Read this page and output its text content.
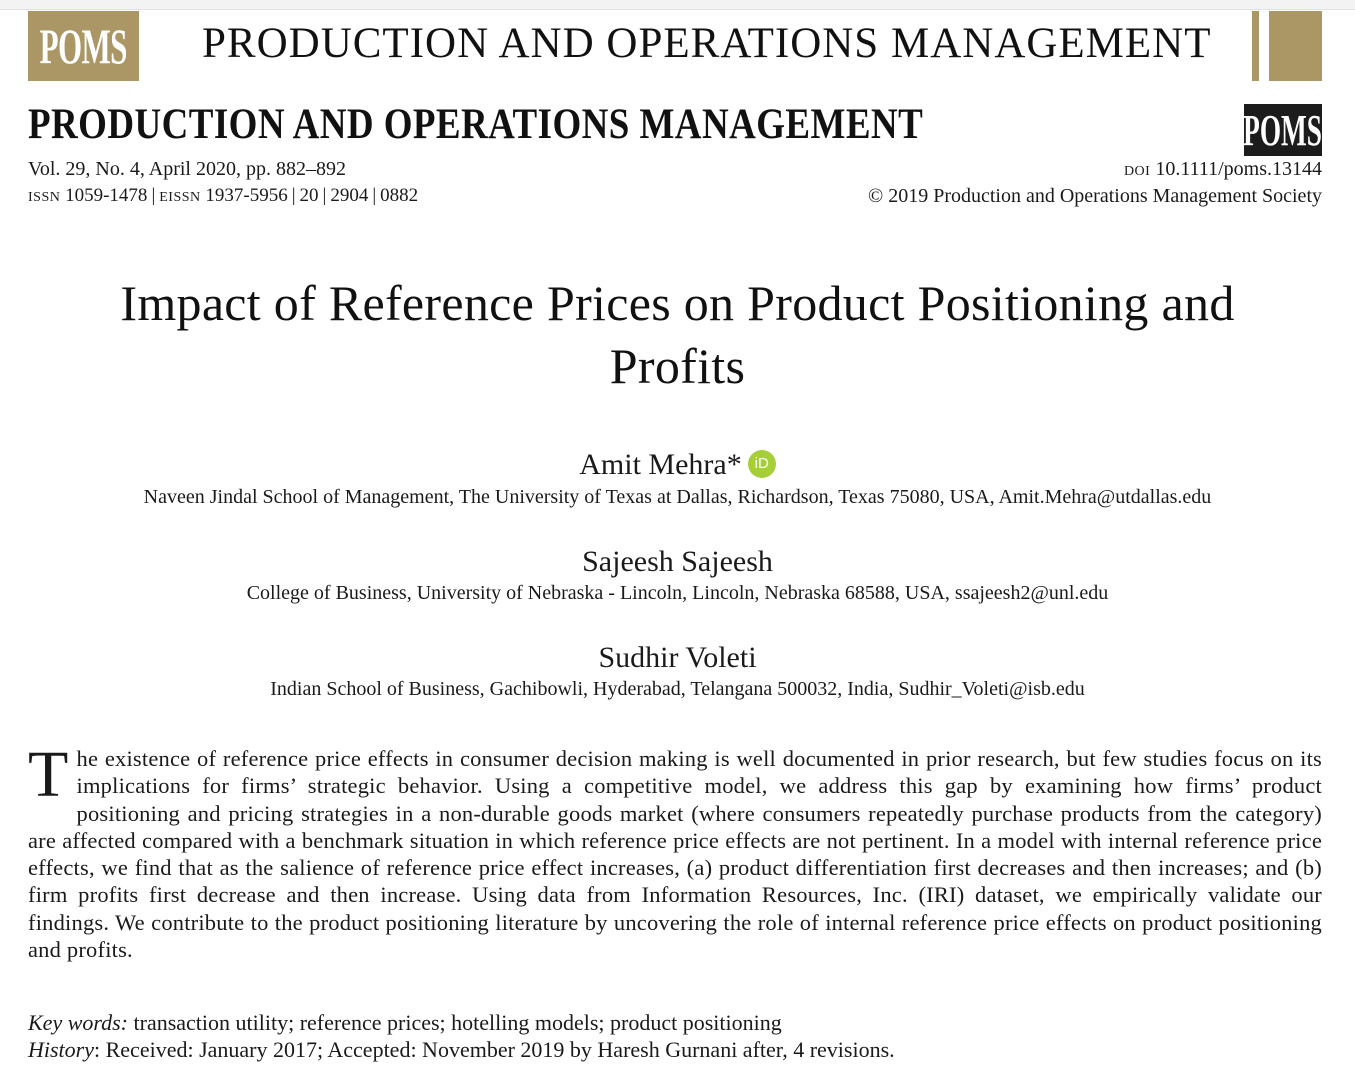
POMS PRODUCTION AND OPERATIONS MANAGEMENT
PRODUCTION AND OPERATIONS MANAGEMENT	POMS
Vol. 29, No. 4, April 2020, pp. 882–892
ISSN 1059-1478 | EISSN 1937-5956 | 20 | 2904 | 0882
DOI 10.1111/poms.13144
© 2019 Production and Operations Management Society
Impact of Reference Prices on Product Positioning and
Profits
Amit Mehra* iD
Naveen Jindal School of Management, The University of Texas at Dallas, Richardson, Texas 75080, USA, Amit.Mehra@utdallas.edu
Sajeesh Sajeesh
College of Business, University of Nebraska - Lincoln, Lincoln, Nebraska 68588, USA, ssajeesh2@unl.edu
Sudhir Voleti
Indian School of Business, Gachibowli, Hyderabad, Telangana 500032, India, Sudhir_Voleti@isb.edu
The existence of reference price effects in consumer decision making is well documented in prior research, but few studies focus on its implications for firms’ strategic behavior. Using a competitive model, we address this gap by examining how firms’ product positioning and pricing strategies in a non-durable goods market (where consumers repeatedly purchase products from the category) are affected compared with a benchmark situation in which reference price effects are not pertinent. In a model with internal reference price effects, we find that as the salience of reference price effect increases, (a) product differentiation first decreases and then increases; and (b) firm profits first decrease and then increase. Using data from Information Resources, Inc. (IRI) dataset, we empirically validate our findings. We contribute to the product positioning literature by uncovering the role of internal reference price effects on product positioning and profits.
Key words: transaction utility; reference prices; hotelling models; product positioning
History: Received: January 2017; Accepted: November 2019 by Haresh Gurnani after, 4 revisions.
